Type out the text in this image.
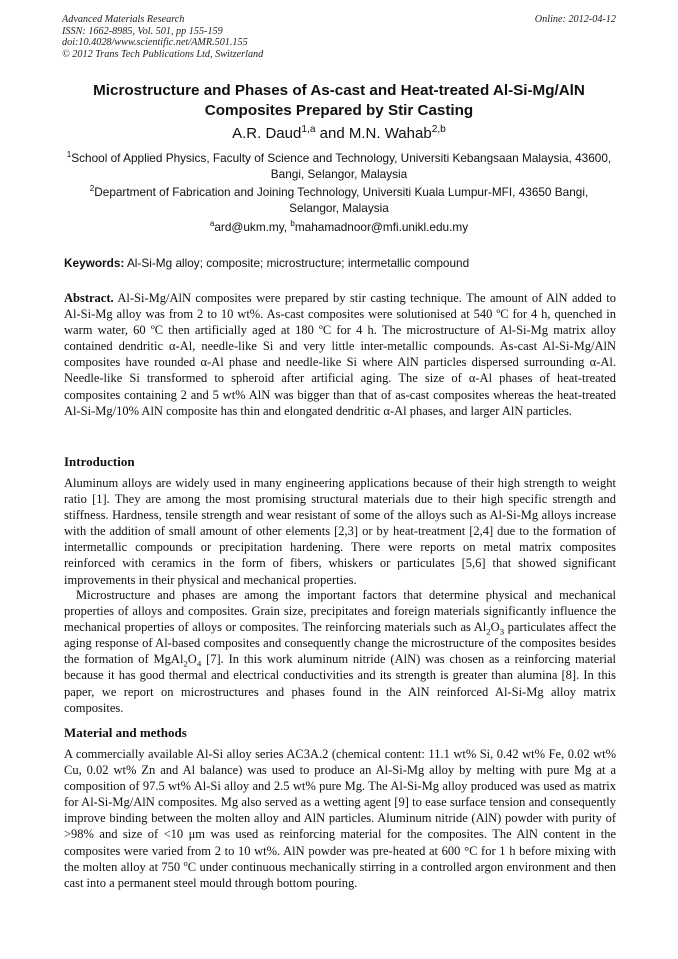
Advanced Materials Research
ISSN: 1662-8985, Vol. 501, pp 155-159
doi:10.4028/www.scientific.net/AMR.501.155
© 2012 Trans Tech Publications Ltd, Switzerland
Online: 2012-04-12
Microstructure and Phases of As-cast and Heat-treated Al-Si-Mg/AlN Composites Prepared by Stir Casting
A.R. Daud$^{1,a}$ and M.N. Wahab$^{2,b}$
$^1$School of Applied Physics, Faculty of Science and Technology, Universiti Kebangsaan Malaysia, 43600, Bangi, Selangor, Malaysia
$^2$Department of Fabrication and Joining Technology, Universiti Kuala Lumpur-MFI, 43650 Bangi, Selangor, Malaysia
$^a$ard@ukm.my, $^b$mahamadnoor@mfi.unikl.edu.my
Keywords: Al-Si-Mg alloy; composite; microstructure; intermetallic compound
Abstract. Al-Si-Mg/AlN composites were prepared by stir casting technique. The amount of AlN added to Al-Si-Mg alloy was from 2 to 10 wt%. As-cast composites were solutionised at 540 ºC for 4 h, quenched in warm water, 60 ºC then artificially aged at 180 ºC for 4 h. The microstructure of Al-Si-Mg matrix alloy contained dendritic α-Al, needle-like Si and very little inter-metallic compounds. As-cast Al-Si-Mg/AlN composites have rounded α-Al phase and needle-like Si where AlN particles dispersed surrounding α-Al. Needle-like Si transformed to spheroid after artificial aging. The size of α-Al phases of heat-treated composites containing 2 and 5 wt% AlN was bigger than that of as-cast composites whereas the heat-treated Al-Si-Mg/10% AlN composite has thin and elongated dendritic α-Al phases, and larger AlN particles.
Introduction
Aluminum alloys are widely used in many engineering applications because of their high strength to weight ratio [1]. They are among the most promising structural materials due to their high specific strength and stiffness. Hardness, tensile strength and wear resistant of some of the alloys such as Al-Si-Mg alloys increase with the addition of small amount of other elements [2,3] or by heat-treatment [2,4] due to the formation of intermetallic compounds or precipitation hardening. There were reports on metal matrix composites reinforced with ceramics in the form of fibers, whiskers or particulates [5,6] that showed significant improvements in their physical and mechanical properties.
Microstructure and phases are among the important factors that determine physical and mechanical properties of alloys and composites. Grain size, precipitates and foreign materials significantly influence the mechanical properties of alloys or composites. The reinforcing materials such as $Al_2O_3$ particulates affect the aging response of Al-based composites and consequently change the microstructure of the composites besides the formation of $MgAl_2O_4$ [7]. In this work aluminum nitride (AlN) was chosen as a reinforcing material because it has good thermal and electrical conductivities and its strength is greater than alumina [8]. In this paper, we report on microstructures and phases found in the AlN reinforced Al-Si-Mg alloy matrix composites.
Material and methods
A commercially available Al-Si alloy series AC3A.2 (chemical content: 11.1 wt% Si, 0.42 wt% Fe, 0.02 wt% Cu, 0.02 wt% Zn and Al balance) was used to produce an Al-Si-Mg alloy by melting with pure Mg at a composition of 97.5 wt% Al-Si alloy and 2.5 wt% pure Mg. The Al-Si-Mg alloy produced was used as matrix for Al-Si-Mg/AlN composites. Mg also served as a wetting agent [9] to ease surface tension and consequently improve binding between the molten alloy and AlN particles. Aluminum nitride (AlN) powder with purity of >98% and size of <10 μm was used as reinforcing material for the composites. The AlN content in the composites were varied from 2 to 10 wt%. AlN powder was pre-heated at 600 °C for 1 h before mixing with the molten alloy at 750 $^o$C under continuous mechanically stirring in a controlled argon environment and then cast into a permanent steel mould through bottom pouring.
